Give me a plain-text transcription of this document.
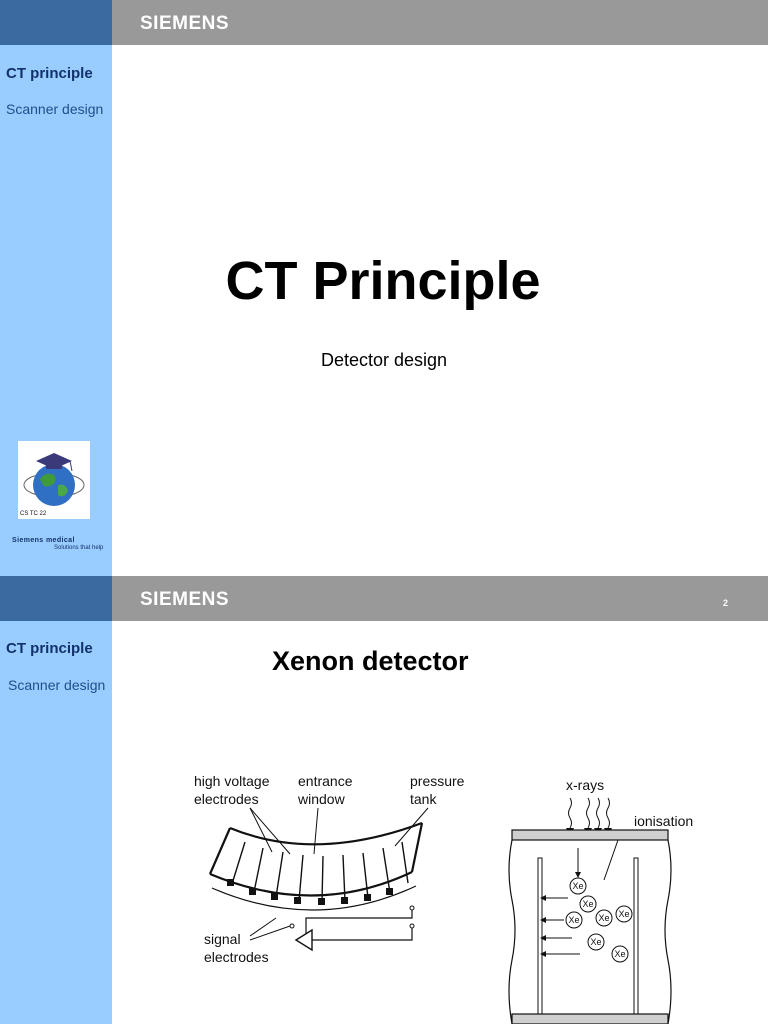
SIEMENS
CT principle
Scanner design
CS TC 22
Siemens medical
Solutions that help
CT Principle
Detector design
SIEMENS	2
CT principle
Scanner design
Xenon detector
high voltage
electrodes
entrance
window
pressure
tank
signal
electrodes
x-rays
ionisation
Xe
Xe
Xe Xe Xe
Xe
Xe
